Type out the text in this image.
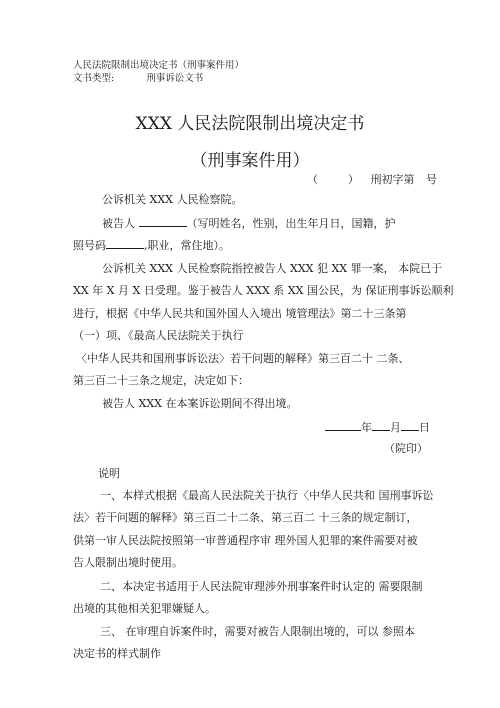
人民法院限制出境决定书（刑事案件用）
文书类型:	刑事诉讼文书
XXX 人民法院限制出境决定书
（刑事案件用）
（	） 刑初字第 号
公诉机关 XXX 人民检察院。
被告人	（写明姓名，性别，出生年月日，国籍，护
照号码	,职业，常住地）。
公诉机关 XXX 人民检察院指控被告人 XXX 犯 XX 罪一案， 本院已于
XX 年 X 月 X 日受理。鉴于被告人 XXX 系 XX 国公民，为 保证刑事诉讼顺利
进行，根据《中华人民共和国外国人入境出 境管理法》第二十三条第
（一）项、《最高人民法院关于执行
〈中华人民共和国刑事诉讼法〉若干问题的解释》第三百二十 二条、
第三百二十三条之规定，决定如下：
被告人 XXX 在本案诉讼期间不得出境。
年 月 日
（院印）
说明
一、本样式根据《最高人民法院关于执行〈中华人民共和 国刑事诉讼
法〉若干问题的解释》第三百二十二条、第三百二 十三条的规定制订，
供第一审人民法院按照第一审普通程序审 理外国人犯罪的案件需要对被
告人限制出境时使用。
二、本决定书适用于人民法院审理涉外刑事案件时认定的 需要限制
出境的其他相关犯罪嫌疑人。
三、 在审理自诉案件时，需要对被告人限制出境的，可以 参照本
决定书的样式制作
